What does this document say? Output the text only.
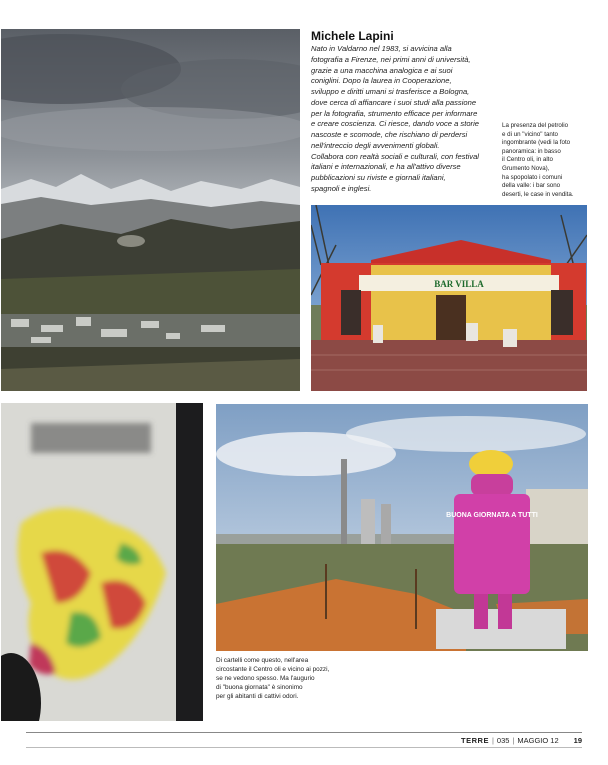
Michele Lapini
Nato in Valdarno nel 1983, si avvicina alla
fotografia a Firenze, nei primi anni di università,
grazie a una macchina analogica e ai suoi
coniglini. Dopo la laurea in Cooperazione,
sviluppo e diritti umani si trasferisce a Bologna,
dove cerca di affiancare i suoi studi alla passione
per la fotografia, strumento efficace per informare
e creare coscienza. Ci riesce, dando voce a storie
nascoste e scomode, che rischiano di perdersi
nell'intreccio degli avvenimenti globali.
Collabora con realtà sociali e culturali, con festival
italiani e internazionali, e ha all'attivo diverse
pubblicazioni su riviste e giornali italiani,
spagnoli e inglesi.
La presenza del petrolio
e di un "vicino" tanto
ingombrante (vedi la foto
panoramica: in basso
il Centro oli, in alto
Grumento Nova),
ha spopolato i comuni
della valle: i bar sono
deserti, le case in vendita.
BAR VILLA
BUONA GIORNATA A TUTTI
Di cartelli come questo, nell'area
circostante il Centro oli e vicino ai pozzi,
se ne vedono spesso. Ma l'augurio
di "buona giornata" è sinonimo
per gli abitanti di cattivi odori.
TERRE | 035 | MAGGIO 12 19
